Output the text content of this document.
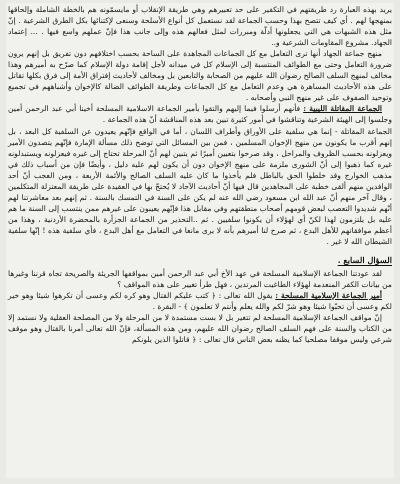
يريد بهذه العبارة رد طريقتهم في التكفير على حد تعبيرهم وهي طريقة الإنقلاب أو مايسمّونه هم بالخطة الشاملة وإلحاقها بمنهجها لهم . أي كيف تتصح بهذا وحسب الجماعة لقد نستعمل كل أنواع الأسلحة وسنعى لإكتنائها بكل الطرق الشرعية . إنّ مثل هذه الشبهات هي التي يجعلونها أدلّة ومبررات لمثل فعالهم هذه وإلى جانب هذا فإنّ عملهم واسع فيها . ... إعتماد الجهاد. مشروع المقاومات الشرعية و..

منهج جماعة الجهاد أنها ترى التعامل مع كل الجماعات المجاهدة على الساحة بحسب اختلافهم دون تفريق بل إنهم يرون ضرورة التعامل وحتى مع الطوائف المنتسبة إلى الإسلام كل في ميدانه لأجل إقامة دولة الإسلام كما صرّح به أميرهم وهذا مخالف لمنهج السلف الصالح رضوان الله عليهم من الصحابة والتابعين بل ومخالف لأحاديث إفتراق الأمة إلى فرق بكلها تقاتل على هذه الأحاديث المساهرة هي وعدم التعامل مع كل الجماعات وطريقة الطوائف الضالة كالإخوان وأشباههم في تجميع وتوحيد الصفوف على غير منهج النبي وأصحابه .

الجماعة المقاتلة الليبية : فأنهم أرسلوا فيما إليهم والتقوا بأمير الجماعة الاسلامية المسلحة أخينا أبي عبد الرحمن أمين وجلسوا إلى الهيئة الشرعية وتناقشوا في أمور كثيرة تبين بعد هذه المناقشة أنّ هذه الجماعة .

الجماعة المقاتلة - إنما هي سلفية على الأوراق وأطراف اللسان ، أما في الواقع فإنّهم يعيدون عن السلفية كل البعد ، بل إنهم أقرب ما يكونون من منهج الإخوان المسلمين ، فمن بين المسائل التي توضح ذلك مسألة الإمارة فإنّهم يتصدون الأمير ويعزلونه بحسب الظروف والمراحل ، وقد صرحوا بتعيين أميرًا ثم يتبين لهم أنّ المرحلة تحتاج إلى غيره فيعزلونه ويستبدلونه غيره كما ذهبوا إلى أنّ الشورى ملزمة على منهج الإخوان دون أن يكون لهم عليه دليل ، وأيضًا فإن من أسباب ذلك في مذهب الخوارج وقد خلطوا الحق بالباطل فلم يأخذوا ما كان عليه السلف الصالح والأئمة الأربعة ، ومن العجب أنّ أحد الوافدين منهم ألقى خطبة على المجاهدين قال فيها أنّ أحاديث الآحاد لا يُحتجّ بها في العقيدة على طريقة المعتزلة المتكلمين ، وقال آخر منهم أنّ عبد الله ابن مسعود رضي الله عنه لم يكن على السنة في التمسك بالسنة . ثم إنهم بعد معاشرتنا لهم أنّهم شديدوا التعصب لبعض قومهم أصحاب منطقتهم وفي مقابل هذا فإنّهم يعيبون على غيرهم ممن ينتسب إلى السنة ما هم عليه بل يلتزمون لهذا لكنّ أي لهؤلاء أن يكونوا سلفيين . ثم ..التحذير من الجماعة الجزأرة بالمحضرة الأردنية ، وهذا من أعظم موافقاتهم للأهل البدع ، ثم صرح لنا أميرهم بأنه لا يرى مانعا في التعامل مع أهل البدع ، فأي سلفية هذه ! إنّها سلفية الشيطان الله لا غير .

السؤال السابع .

لقد عودتنا الجماعة الإسلامية المسلحة في عهد الأخ أبي عبد الرحمن أمين بمواقفها الجريئة والصريحة تجاه قرننا وغيرها من بيانات الكفر المنعدمة لهؤلاء الطاغيت المرتدين ، فهل طرأ تغيير على هذه المواقف ؟

أمير الجماعة الإسلامية المسلحة : يقول الله تعالى : ﴿ كتب عليكم القتال وهو كره لكم وعسى أن تكرهوا شيئا وهو خير لكم وعسى أن تحبّوا شيئا وهو شرّ لكم والله يعلم وأنتم لا تعلمون ﴾ - البقرة .

إنّ مواقف الجماعة الإسلامية المسلحة لم تتغير بل لا بست مستمدة لا من المرحلة ولا من المصلحة العقلية ولا نستمد إلا من الكتاب والسنة على فهم السلف الصالح رضوان الله عليهم، ومن هذه المسألة، فإنّ الله تعالى أمرنا بالقتال وهو موقف شرعي وليس موقفا مصلحيا كما يظنه بعض الناس قال تعالى : ﴿ قاتلوا الذين يلونكم
